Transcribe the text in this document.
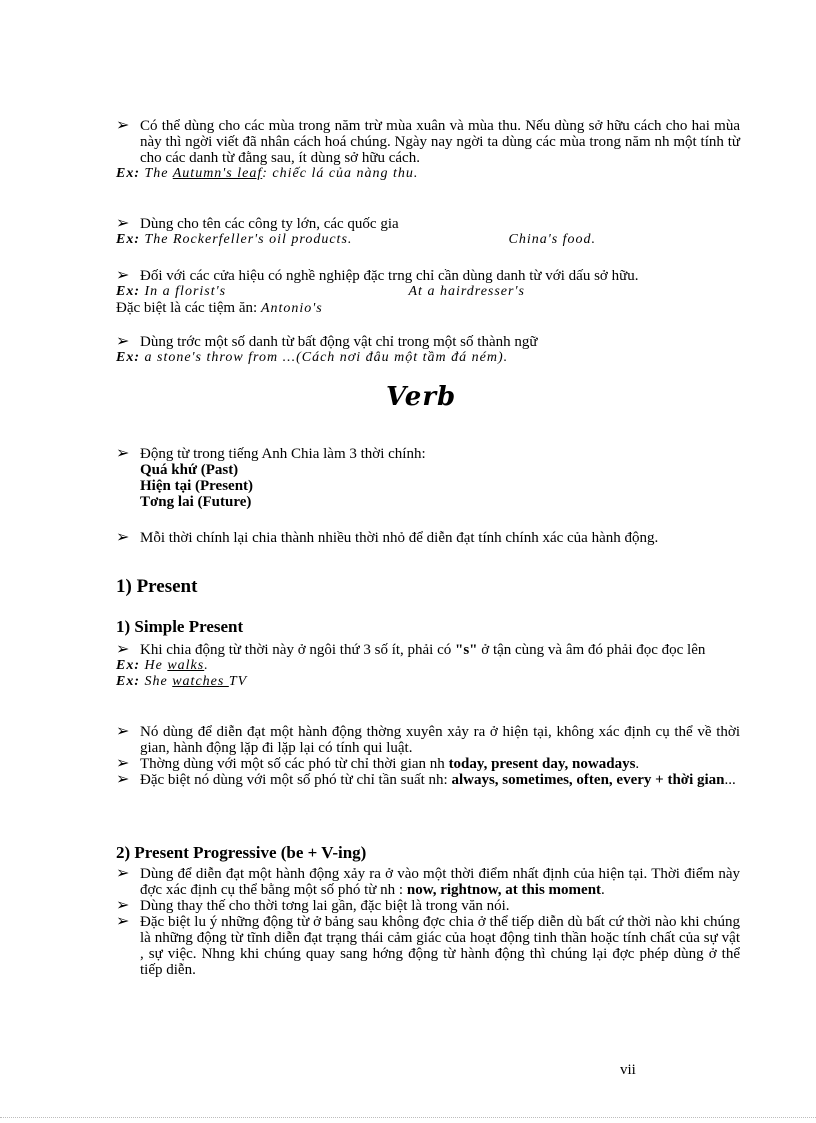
➢ Có thể dùng cho các mùa trong năm trừ mùa xuân và mùa thu. Nếu dùng sở hữu cách cho hai mùa này thì ngời viết đã nhân cách hoá chúng. Ngày nay ngời ta dùng các mùa trong năm nh một tính từ cho các danh từ đằng sau, ít dùng sở hữu cách.
Ex: The Autumn's leaf: chiếc lá của nàng thu.
➢ Dùng cho tên các công ty lớn, các quốc gia
Ex: The Rockerfeller's oil products.	China's food.
➢ Đối với các cửa hiệu có nghề nghiệp đặc trng chỉ cần dùng danh từ với dấu sở hữu.
Ex: In a florist's	At a hairdresser's
Đặc biệt là các tiệm ăn: Antonio's
➢ Dùng trớc một số danh từ bất động vật chỉ trong một số thành ngữ
Ex: a stone's throw from ...(Cách nơi đâu một tầm đá ném).
Verb
➢ Động từ trong tiếng Anh Chia làm 3 thời chính:
Quá khứ (Past)
Hiện tại (Present)
Tơng lai (Future)
➢ Mỗi thời chính lại chia thành nhiều thời nhỏ để diễn đạt tính chính xác của hành động.
1) Present
1) Simple Present
➢ Khi chia động từ thời này ở ngôi thứ 3 số ít, phải có "s" ở tận cùng và âm đó phải đọc đọc lên
Ex: He walks.
Ex: She watches TV
➢ Nó dùng để diễn đạt một hành động thờng xuyên xảy ra ở hiện tại, không xác định cụ thể về thời gian, hành động lặp đi lặp lại có tính qui luật.
➢ Thờng dùng với một số các phó từ chỉ thời gian nh today, present day, nowadays.
➢ Đặc biệt nó dùng với một số phó từ chỉ tần suất nh: always, sometimes, often, every + thời gian...
2) Present Progressive (be + V-ing)
➢ Dùng để diễn đạt một hành động xảy ra ở vào một thời điểm nhất định của hiện tại. Thời điểm này đợc xác định cụ thể bằng một số phó từ nh : now, rightnow, at this moment.
➢ Dùng thay thế cho thời tơng lai gần, đặc biệt là trong văn nói.
➢ Đặc biệt lu ý những động từ ở bảng sau không đợc chia ở thể tiếp diễn dù bất cứ thời nào khi chúng là những động từ tĩnh diễn đạt trạng thái cảm giác của hoạt động tinh thần hoặc tính chất của sự vật , sự việc. Nhng khi chúng quay sang hớng động từ hành động thì chúng lại đợc phép dùng ở thể tiếp diễn.
vii
